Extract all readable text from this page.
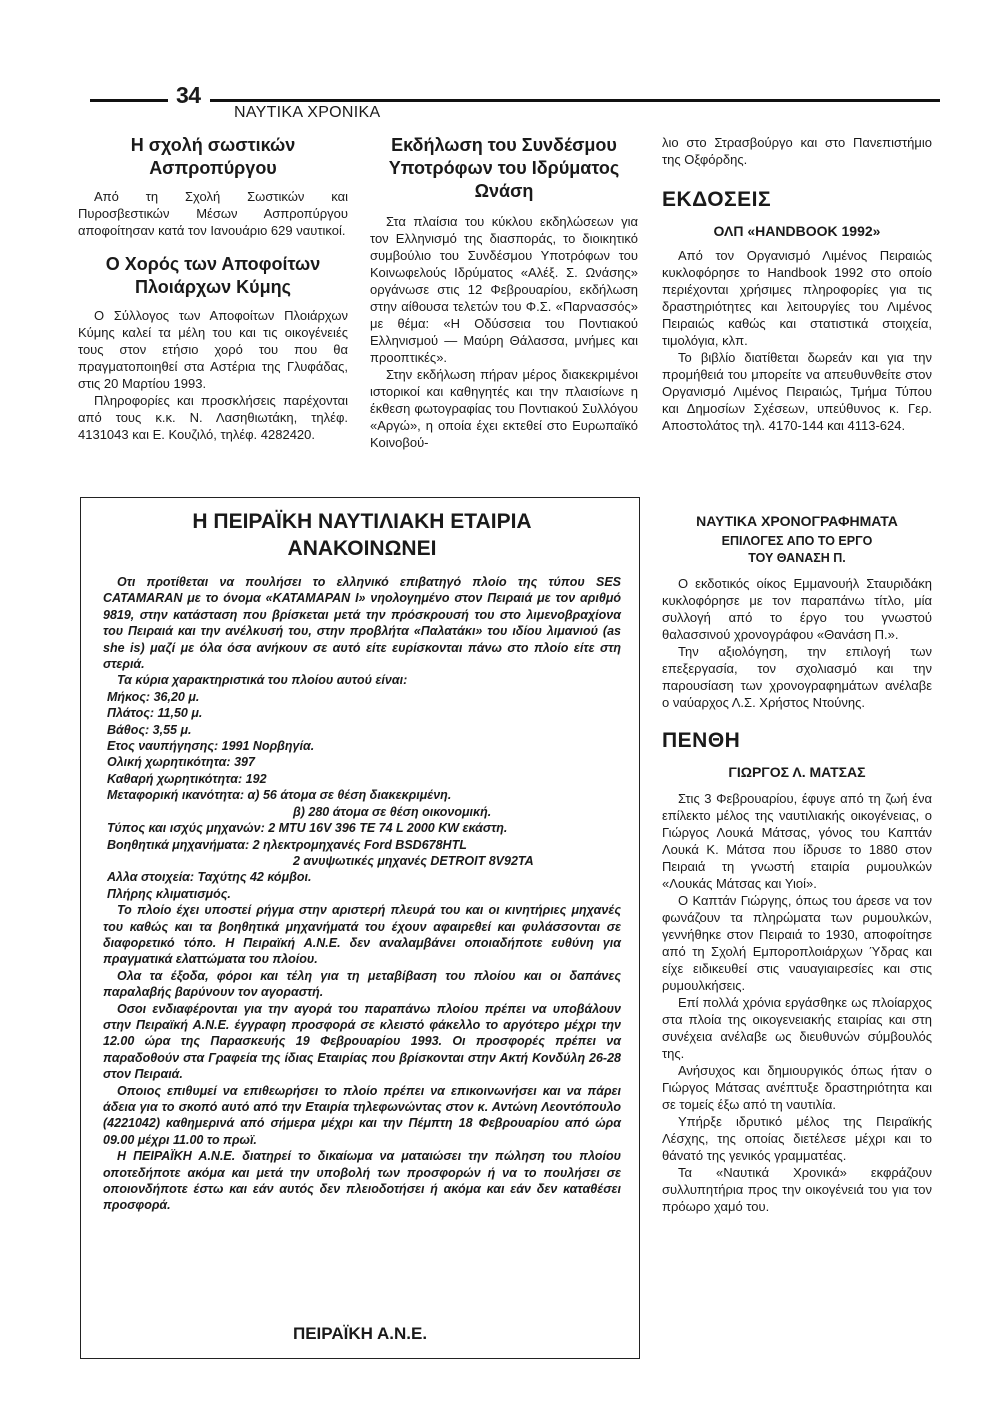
34
ΝΑΥΤΙΚΑ ΧΡΟΝΙΚΑ
Η σχολή σωστικών Ασπροπύργου

Από τη Σχολή Σωστικών και Πυροσβεστικών Μέσων Ασπροπύργου αποφοίτησαν κατά τον Ιανουάριο 629 ναυτικοί.

Ο Χορός των Αποφοίτων Πλοιάρχων Κύμης

Ο Σύλλογος των Αποφοίτων Πλοιάρχων Κύμης καλεί τα μέλη του και τις οικογένειές τους στον ετήσιο χορό του που θα πραγματοποιηθεί στα Αστέρια της Γλυφάδας, στις 20 Μαρτίου 1993.

Πληροφορίες και προσκλήσεις παρέχονται από τους κ.κ. Ν. Λασηθιωτάκη, τηλέφ. 4131043 και Ε. Κουζιλό, τηλέφ. 4282420.

Εκδήλωση του Συνδέσμου Υποτρόφων του Ιδρύματος Ωνάση

Στα πλαίσια του κύκλου εκδηλώσεων για τον Ελληνισμό της διασποράς, το διοικητικό συμβούλιο του Συνδέσμου Υποτρόφων του Κοινωφελούς Ιδρύματος «Αλέξ. Σ. Ωνάσης» οργάνωσε στις 12 Φεβρουαρίου, εκδήλωση στην αίθουσα τελετών του Φ.Σ. «Παρνασσός» με θέμα: «Η Οδύσσεια του Ποντιακού Ελληνισμού — Μαύρη Θάλασσα, μνήμες και προοπτικές».

Στην εκδήλωση πήραν μέρος διακεκριμένοι ιστορικοί και καθηγητές και την πλαισίωνε η έκθεση φωτογραφίας του Ποντιακού Συλλόγου «Αργώ», η οποία έχει εκτεθεί στο Ευρωπαϊκό Κοινοβού-

λιο στο Στρασβούργο και στο Πανεπιστήμιο της Οξφόρδης.

ΕΚΔΟΣΕΙΣ
ΟΛΠ «HANDBOOK 1992»

Από τον Οργανισμό Λιμένος Πειραιώς κυκλοφόρησε το Handbook 1992 στο οποίο περιέχονται χρήσιμες πληροφορίες για τις δραστηριότητες και λειτουργίες του Λιμένος Πειραιώς καθώς και στατιστικά στοιχεία, τιμολόγια, κλπ.

Το βιβλίο διατίθεται δωρεάν και για την προμήθειά του μπορείτε να απευθυνθείτε στον Οργανισμό Λιμένος Πειραιώς, Τμήμα Τύπου και Δημοσίων Σχέσεων, υπεύθυνος κ. Γερ. Αποστολάτος τηλ. 4170-144 και 4113-624.

Η ΠΕΙΡΑΪΚΗ ΝΑΥΤΙΛΙΑΚΗ ΕΤΑΙΡΙΑ
ΑΝΑΚΟΙΝΩΝΕΙ

Οτι προτίθεται να πουλήσει το ελληνικό επιβατηγό πλοίο της τύπου SES CATAMARAN με το όνομα «ΚΑΤΑΜΑΡΑΝ Ι» νηολογημένο στον Πειραιά με τον αριθμό 9819, στην κατάσταση που βρίσκεται μετά την πρόσκρουσή του στο λιμενοβραχίονα του Πειραιά και την ανέλκυσή του, στην προβλήτα «Παλατάκι» του ιδίου λιμανιού (as she is) μαζί με όλα όσα ανήκουν σε αυτό είτε ευρίσκονται πάνω στο πλοίο είτε στη στεριά.

Τα κύρια χαρακτηριστικά του πλοίου αυτού είναι:

Μήκος: 36,20 μ.

Πλάτος: 11,50 μ.

Βάθος: 3,55 μ.

Ετος ναυπήγησης: 1991 Νορβηγία.

Ολική χωρητικότητα: 397

Καθαρή χωρητικότητα: 192

Μεταφορική ικανότητα: α) 56 άτομα σε θέση διακεκριμένη.

β) 280 άτομα σε θέση οικονομική.

Τύπος και ισχύς μηχανών: 2 MTU 16V 396 TE 74 L 2000 KW εκάστη.

Βοηθητικά μηχανήματα: 2 ηλεκτρομηχανές Ford BSD678HTL

2 ανυψωτικές μηχανές DETROIT 8V92TA

Αλλα στοιχεία: Ταχύτης 42 κόμβοι.

Πλήρης κλιματισμός.

Το πλοίο έχει υποστεί ρήγμα στην αριστερή πλευρά του και οι κινητήριες μηχανές του καθώς και τα βοηθητικά μηχανήματά του έχουν αφαιρεθεί και φυλάσσονται σε διαφορετικό τόπο. Η Πειραϊκή Α.Ν.Ε. δεν αναλαμβάνει οποιαδήποτε ευθύνη για πραγματικά ελαττώματα του πλοίου.

Ολα τα έξοδα, φόροι και τέλη για τη μεταβίβαση του πλοίου και οι δαπάνες παραλαβής βαρύνουν τον αγοραστή.

Οσοι ενδιαφέρονται για την αγορά του παραπάνω πλοίου πρέπει να υποβάλουν στην Πειραϊκή Α.Ν.Ε. έγγραφη προσφορά σε κλειστό φάκελλο το αργότερο μέχρι την 12.00 ώρα της Παρασκευής 19 Φεβρουαρίου 1993. Οι προσφορές πρέπει να παραδοθούν στα Γραφεία της ίδιας Εταιρίας που βρίσκονται στην Ακτή Κονδύλη 26-28 στον Πειραιά.

Οποιος επιθυμεί να επιθεωρήσει το πλοίο πρέπει να επικοινωνήσει και να πάρει άδεια για το σκοπό αυτό από την Εταιρία τηλεφωνώντας στον κ. Αντώνη Λεοντόπουλο (4221042) καθημερινά από σήμερα μέχρι και την Πέμπτη 18 Φεβρουαρίου από ώρα 09.00 μέχρι 11.00 το πρωϊ.

Η ΠΕΙΡΑΪΚΗ Α.Ν.Ε. διατηρεί το δικαίωμα να ματαιώσει την πώληση του πλοίου οποτεδήποτε ακόμα και μετά την υποβολή των προσφορών ή να το πουλήσει σε οποιονδήποτε έστω και εάν αυτός δεν πλειοδοτήσει ή ακόμα και εάν δεν καταθέσει προσφορά.

ΠΕΙΡΑΪΚΗ Α.Ν.Ε.
ΝΑΥΤΙΚΑ ΧΡΟΝΟΓΡΑΦΗΜΑΤΑ
ΕΠΙΛΟΓΕΣ ΑΠΟ ΤΟ ΕΡΓΟ
ΤΟΥ ΘΑΝΑΣΗ Π.

Ο εκδοτικός οίκος Εμμανουήλ Σταυριδάκη κυκλοφόρησε με τον παραπάνω τίτλο, μία συλλογή από το έργο του γνωστού θαλασσινού χρονογράφου «Θανάση Π.».

Την αξιολόγηση, την επιλογή των επεξεργασία, τον σχολιασμό και την παρουσίαση των χρονογραφημάτων ανέλαβε ο ναύαρχος Λ.Σ. Χρήστος Ντούνης.

ΠΕΝΘΗ
ΓΙΩΡΓΟΣ Λ. ΜΑΤΣΑΣ

Στις 3 Φεβρουαρίου, έφυγε από τη ζωή ένα επίλεκτο μέλος της ναυτιλιακής οικογένειας, ο Γιώργος Λουκά Μάτσας, γόνος του Καπτάν Λουκά Κ. Μάτσα που ίδρυσε το 1880 στον Πειραιά τη γνωστή εταιρία ρυμουλκών «Λουκάς Μάτσας και Υιοί».

Ο Καπτάν Γιώργης, όπως του άρεσε να τον φωνάζουν τα πληρώματα των ρυμουλκών, γεννήθηκε στον Πειραιά το 1930, αποφοίτησε από τη Σχολή Εμποροπλοιάρχων Ύδρας και είχε ειδικευθεί στις ναυαγιαιρεσίες και στις ρυμουλκήσεις.

Επί πολλά χρόνια εργάσθηκε ως πλοίαρχος στα πλοία της οικογενειακής εταιρίας και στη συνέχεια ανέλαβε ως διευθυνών σύμβουλός της.

Ανήσυχος και δημιουργικός όπως ήταν ο Γιώργος Μάτσας ανέπτυξε δραστηριότητα και σε τομείς έξω από τη ναυτιλία.

Υπήρξε ιδρυτικό μέλος της Πειραϊκής Λέσχης, της οποίας διετέλεσε μέχρι και το θάνατό της γενικός γραμματέας.

Τα «Ναυτικά Χρονικά» εκφράζουν συλλυπητήρια προς την οικογένειά του για τον πρόωρο χαμό του.
